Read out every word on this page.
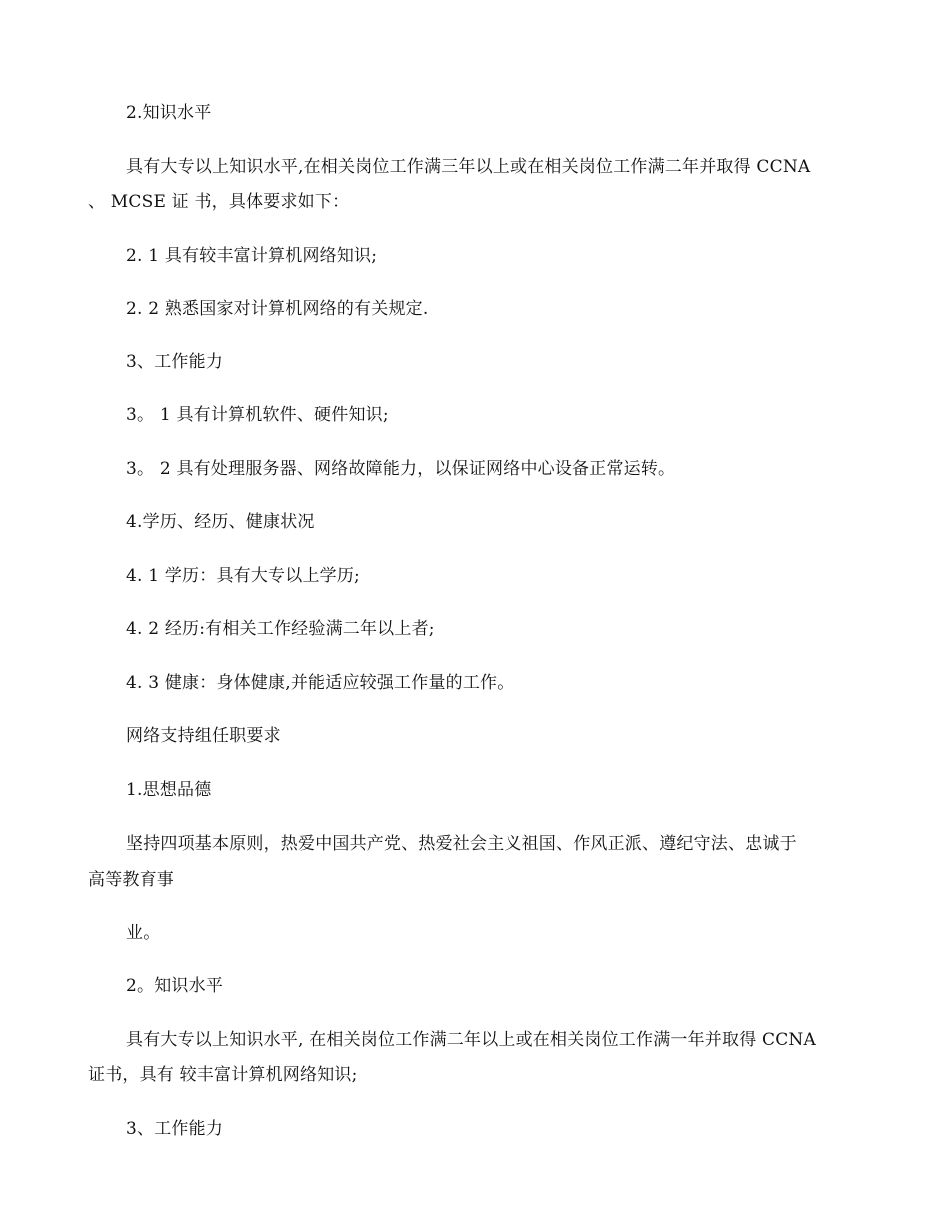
2.知识水平
具有大专以上知识水平,在相关岗位工作满三年以上或在相关岗位工作满二年并取得 CCNA
、 MCSE 证 书，具体要求如下：
2. 1 具有较丰富计算机网络知识;
2. 2 熟悉国家对计算机网络的有关规定.
3、工作能力
3。 1 具有计算机软件、硬件知识;
3。 2 具有处理服务器、网络故障能力，以保证网络中心设备正常运转。
4.学历、经历、健康状况
4. 1 学历：具有大专以上学历;
4. 2 经历:有相关工作经验满二年以上者;
4. 3 健康：身体健康,并能适应较强工作量的工作。
网络支持组任职要求
1.思想品德
坚持四项基本原则，热爱中国共产党、热爱社会主义祖国、作风正派、遵纪守法、忠诚于
高等教育事
业。
2。知识水平
具有大专以上知识水平, 在相关岗位工作满二年以上或在相关岗位工作满一年并取得 CCNA
证书，具有 较丰富计算机网络知识;
3、工作能力
